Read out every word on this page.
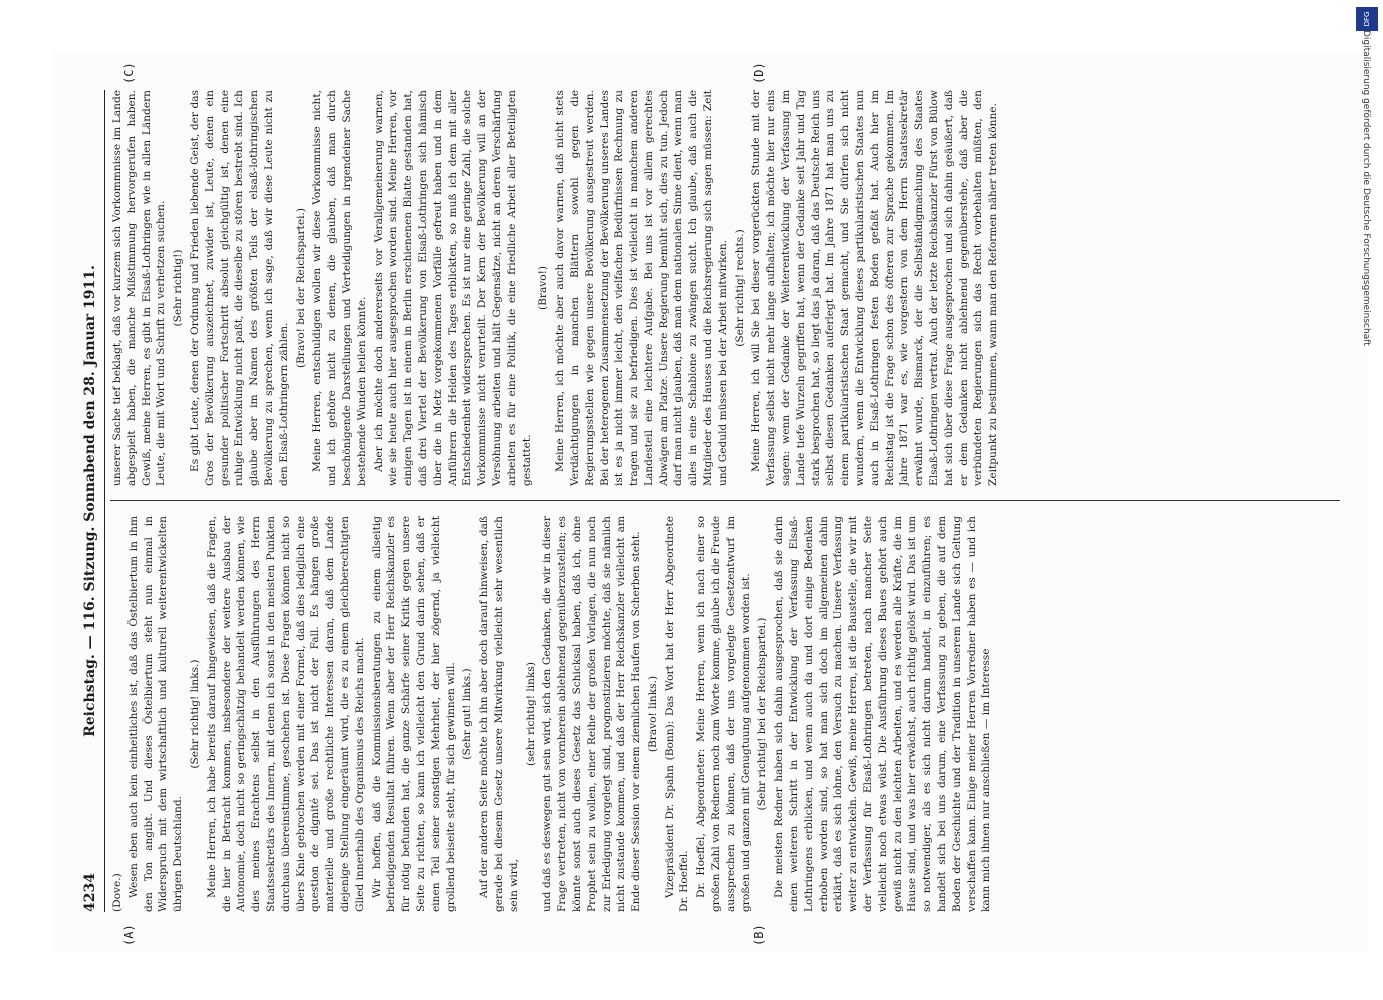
4234
Reichstag. — 116. Sitzung. Sonnabend den 28. Januar 1911.

(Dove.) Wesen eben auch kein einheitliches ist, daß das Östelbiertum in ihm den Ton angibt. Und dieses Östelbiertum steht nun einmal in Widerspruch mit dem wirtschaftlich und kulturell weiterentwickelten übrigen Deutschland.

(Sehr richtig! links.) Meine Herren, ich habe bereits darauf hingewiesen, daß die Fragen, die hier in Betracht kommen, insbesondere der weitere Ausbau der Autonomie, doch nicht so geringschätzig behandelt werden können, wie dies meines Erachtens selbst in den Ausführungen des Herrn Staatssekretärs des Innern, mit denen ich sonst in den meisten Punkten durchaus übereinstimme, geschehen ist. Diese Fragen können nicht so übers Knie gebrochen werden mit einer Formel, daß dies lediglich eine question de dignité sei. Das ist nicht der Fall. Es hängen große materielle und große rechtliche Interessen daran, daß dem Lande diejenige Stellung eingeräumt wird, die es zu einem gleichberechtigten Glied innerhalb des Organismus des Reichs macht. Wir hoffen, daß die Kommissionsberatungen zu einem allseitig befriedigenden Resultat führen. Wenn aber der Herr Reichskanzler es für nötig befunden hat, die ganze Schärfe seiner Kritik gegen unsere Seite zu richten, so kann ich vielleicht den Grund darin sehen, daß er einen Teil seiner sonstigen Mehrheit, der hier zögernd, ja vielleicht grollend beiseite steht, für sich gewinnen will. (Sehr gut! links.) Auf der anderen Seite möchte ich ihn aber doch darauf hinweisen, daß gerade bei diesem Gesetz unsere Mitwirkung vielleicht sehr wesentlich sein wird,

(sehr richtig! links) und daß es deswegen gut sein wird, sich den Gedanken, die wir in dieser Frage vertreten, nicht von vornherein ablehnend gegenüberzustellen; es könnte sonst auch dieses Gesetz das Schicksal haben, daß ich, ohne Prophet sein zu wollen, einer Reihe der großen Vorlagen, die nun noch zur Erledigung vorgelegt sind, prognostizieren möchte, daß sie nämlich nicht zustande kommen, und daß der Herr Reichskanzler vielleicht am Ende dieser Session vor einem ziemlichen Haufen von Scherben steht. (Bravo! links.) Vizepräsident Dr. Spahn (Bonn): Das Wort hat der Herr Abgeordnete Dr. Hoeffel. Dr. Hoeffel, Abgeordneter: Meine Herren, wenn ich nach einer so großen Zahl von Rednern noch zum Worte komme, glaube ich die Freude aussprechen zu können, daß der uns vorgelegte Gesetzentwurf im großen und ganzen mit Genugtuung aufgenommen worden ist. (Sehr richtig! bei der Reichspartei.) Die meisten Redner haben sich dahin ausgesprochen, daß sie darin einen weiteren Schritt in der Entwicklung der Verfassung Elsaß-Lothringens erblicken, und wenn auch da und dort einige Bedenken erhoben worden sind, so hat man sich doch im allgemeinen dahin erklärt, daß es sich lohne, den Versuch zu machen. Unsere Verfassung weiter zu entwickeln. Gewiß, meine Herren, ist die Baustelle, die wir mit der Verfassung für Elsaß-Lothringen betreten, nach mancher Seite vielleicht noch etwas wüst. Die Ausführung dieses Baues gehört auch gewiß nicht zu den leichten Arbeiten, und es werden alle Kräfte, die im Hause sind, und was hier erwächst, auch richtig gelöst wird. Das ist um so notwendiger, als es sich nicht darum handelt, in einzuführen; es handelt sich bei uns darum, eine Verfassung zu geben, die auf dem Boden der Geschichte und der Tradition in unserem Lande sich Geltung verschaffen kann. Einige meiner Herren Vorredner haben es — und ich kann mich ihnen nur anschließen — im Interesse

unserer Sache tief beklagt, daß vor kurzem sich Vorkommnisse im Lande abgespielt haben, die manche Mißstimmung hervorgerufen haben. Gewiß, meine Herren, es gibt in Elsaß-Lothringen wie in allen Ländern Leute, die mit Wort und Schrift zu verhetzen suchen. (Sehr richtig!) Es gibt Leute, denen der Ordnung und Frieden liebende Geist, der das Gros der Bevölkerung auszeichnet, zuwider ist, Leute, denen ein gesunder politischer Fortschritt absolut gleichgültig ist, denen eine ruhige Entwicklung nicht paßt, die dieselbe zu stören bestrebt sind. Ich glaube aber im Namen des größten Teils der elsaß-lothringischen Bevölkerung zu sprechen, wenn ich sage, daß wir diese Leute nicht zu den Elsaß-Lothringern zählen.

(Bravo! bei der Reichspartei.) Meine Herren, entschuldigen wollen wir diese Vorkommnisse nicht, und ich gehöre nicht zu denen, die glauben, daß man durch beschönigende Darstellungen und Verteidigungen in irgendeiner Sache bestehende Wunden heilen könnte. Aber ich möchte doch andererseits vor Verallgemeinerung warnen, wie sie heute auch hier ausgesprochen worden sind. Meine Herren, vor einigen Tagen ist in einem in Berlin erschienenen Blatte gestanden hat, daß drei Viertel der Bevölkerung von Elsaß-Lothringen sich hämisch über die in Metz vorgekommenen Vorfälle gefreut haben und in dem Anführern die Helden des Tages erblickten, so muß ich dem mit aller Entschiedenheit widersprechen. Es ist nur eine geringe Zahl, die solche Vorkommnisse nicht verurteilt. Der Kern der Bevölkerung will an der Versöhnung arbeiten und hält Gegensätze, nicht an deren Verschärfung arbeiten es für eine Politik, die eine friedliche Arbeit aller Beteiligten gestattet.

(Bravo!) Meine Herren, ich möchte aber auch davor warnen, daß nicht stets Verdächtigungen in manchen Blättern sowohl gegen die Regierungsstellen wie gegen unsere Bevölkerung ausgestreut werden. Bei der heterogenen Zusammensetzung der Bevölkerung unseres Landes ist es ja nicht immer leicht, den vielfachen Bedürfnissen Rechnung zu tragen und sie zu befriedigen. Dies ist vielleicht in manchem anderen Landesteil eine leichtere Aufgabe. Bei uns ist vor allem gerechtes Abwägen am Platze. Unsere Regierung bemüht sich, dies zu tun. Jedoch darf man nicht glauben, daß man dem nationalen Sinne dient, wenn man alles in eine Schablone zu zwängen sucht. Ich glaube, daß auch die Mitglieder des Hauses und die Reichsregierung sich sagen müssen: Zeit und Geduld müssen bei der Arbeit mitwirken. (Sehr richtig! rechts.) Meine Herren, ich will Sie bei dieser vorgerückten Stunde mit der Verfassung selbst nicht mehr lange aufhalten; ich möchte hier nur eins sagen: wenn der Gedanke der Weiterentwicklung der Verfassung im Lande tiefe Wurzeln gegriffen hat, wenn der Gedanke seit Jahr und Tag stark besprochen hat, so liegt das ja daran, daß das Deutsche Reich uns selbst diesen Gedanken auferlegt hat. Im Jahre 1871 hat man uns zu einem partikularistischen Staat gemacht, und Sie dürfen sich nicht wundern, wenn die Entwicklung dieses partikularistischen Staates nun auch in Elsaß-Lothringen festen Boden gefaßt hat. Auch hier im Reichstag ist die Frage schon des öfteren zur Sprache gekommen. Im Jahre 1871 war es, wie vorgestern von dem Herrn Staatssekretär erwähnt wurde, Bismarck, der die Selbständigmachung des Staates Elsaß-Lothringen vertrat. Auch der letzte Reichskanzler Fürst von Bülow hat sich über diese Frage ausgesprochen und sich dahin geäußert, daß er dem Gedanken nicht ablehnend gegenüberstehe, daß aber die verbündeten Regierungen sich das Recht vorbehalten müßten, den Zeitpunkt zu bestimmen, wann man den Reformen näher treten könne.

(A)	(B)
(C)	(D)
DFG
Digitalisierung gefördert durch die Deutsche Forschungsgemeinschaft
